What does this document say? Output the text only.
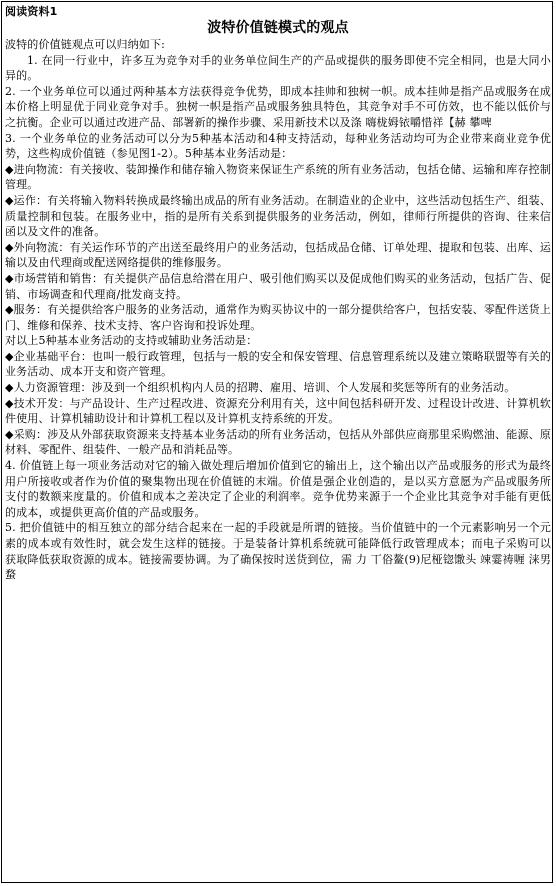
阅读资料1

波特价值链模式的观点

波特的价值链观点可以归纳如下:

1. 在同一行业中，许多互为竞争对手的业务单位间生产的产品或提供的服务即使不完全相同，也是大同小异的。

2. 一个业务单位可以通过两种基本方法获得竞争优势，即成本挂帅和独树一帜。成本挂帅是指产品或服务在成本价格上明显优于同业竞争对手。独树一帜是指产品或服务独具特色，其竞争对手不可仿效，也不能以低价与之抗衡。企业可以通过改进产品、部署新的操作步骤、采用新技术以及涤 嗨栊姆铱嚼惜祥【赫 攀啤

3. 一个业务单位的业务活动可以分为5种基本活动和4种支持活动，每种业务活动均可为企业带来商业竞争优势，这些构成价值链（参见图1-2）。5种基本业务活动是：

◆进向物流：有关接收、装卸操作和储存输入物资来保证生产系统的所有业务活动，包括仓储、运输和库存控制管理。

◆运作：有关将输入物料转换成最终输出成品的所有业务活动。在制造业的企业中，这些活动包括生产、组装、质量控制和包装。在服务业中，指的是所有关系到提供服务的业务活动，例如，律师行所提供的咨询、往来信函以及文件的准备。

◆外向物流：有关运作环节的产出送至最终用户的业务活动，包括成品仓储、订单处理、提取和包装、出库、运输以及由代理商或配送网络提供的维修服务。

◆市场营销和销售：有关提供产品信息给潜在用户、吸引他们购买以及促成他们购买的业务活动，包括广告、促销、市场调查和代理商/批发商支持。

◆服务：有关提供给客户服务的业务活动，通常作为购买协议中的一部分提供给客户，包括安装、零配件送货上门、维修和保养、技术支持、客户咨询和投诉处理。

对以上5种基本业务活动的支持或辅助业务活动是：

◆企业基础平台：也叫一般行政管理，包括与一般的安全和保安管理、信息管理系统以及建立策略联盟等有关的业务活动、成本开支和资产管理。

◆人力资源管理：涉及到一个组织机构内人员的招聘、雇用、培训、个人发展和奖惩等所有的业务活动。

◆技术开发：与产品设计、生产过程改进、资源充分利用有关，这中间包括科研开发、过程设计改进、计算机软件使用、计算机辅助设计和计算机工程以及计算机支持系统的开发。

◆采购：涉及从外部获取资源来支持基本业务活动的所有业务活动，包括从外部供应商那里采购燃油、能源、原材料、零配件、组装件、一般产品和消耗品等。

4. 价值链上每一项业务活动对它的输入做处理后増加价值到它的输出上，这个输出以产品或服务的形式为最终用户所接收或者作为价值的聚集物出现在价值链的末端。价值是强企业创造的，是以买方意愿为产品或服务所支付的数额来度量的。价值和成本之差决定了企业的利润率。竞争优势来源于一个企业比其竞争对手能有更低的成本，或提供更高价值的产品或服务。

5. 把价值链中的相互独立的部分结合起来在一起的手段就是所谓的链接。当价值链中的一个元素影响另一个元素的成本或有效性时，就会发生这样的链接。于是装备计算机系统就可能降低行政管理成本；而电子采购可以获取降低获取资源的成本。链接需要协调。为了确保按时送货到位，需 力 丅俗鳌(9)尼桠锪馓头 竦霎祷喱 涞男 蝥
